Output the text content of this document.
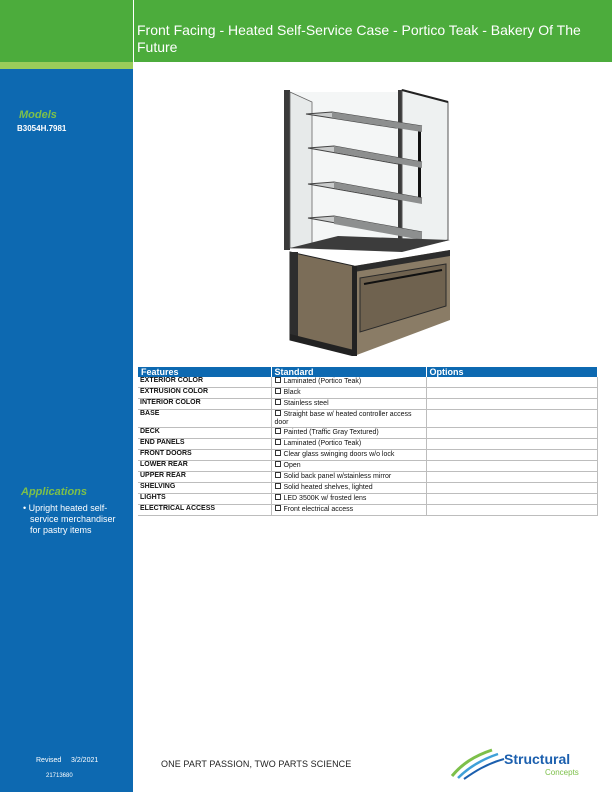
Front Facing - Heated Self-Service Case - Portico Teak - Bakery Of The Future
Models
B3054H.7981
Applications
• Upright heated self-service merchandiser for pastry items
Revised 3/2/2021
21713680
Features	Standard	Options
EXTERIOR COLOR	Laminated (Portico Teak)	
EXTRUSION COLOR	Black	
INTERIOR COLOR	Stainless steel	
BASE	Straight base w/ heated controller access door	
DECK	Painted (Traffic Gray Textured)	
END PANELS	Laminated (Portico Teak)	
FRONT DOORS	Clear glass swinging doors w/o lock	
LOWER REAR	Open	
UPPER REAR	Solid back panel w/stainless mirror	
SHELVING	Solid heated shelves, lighted	
LIGHTS	LED 3500K w/ frosted lens	
ELECTRICAL ACCESS	Front electrical access	
ONE PART PASSION, TWO PARTS SCIENCE	Structural
Concepts
